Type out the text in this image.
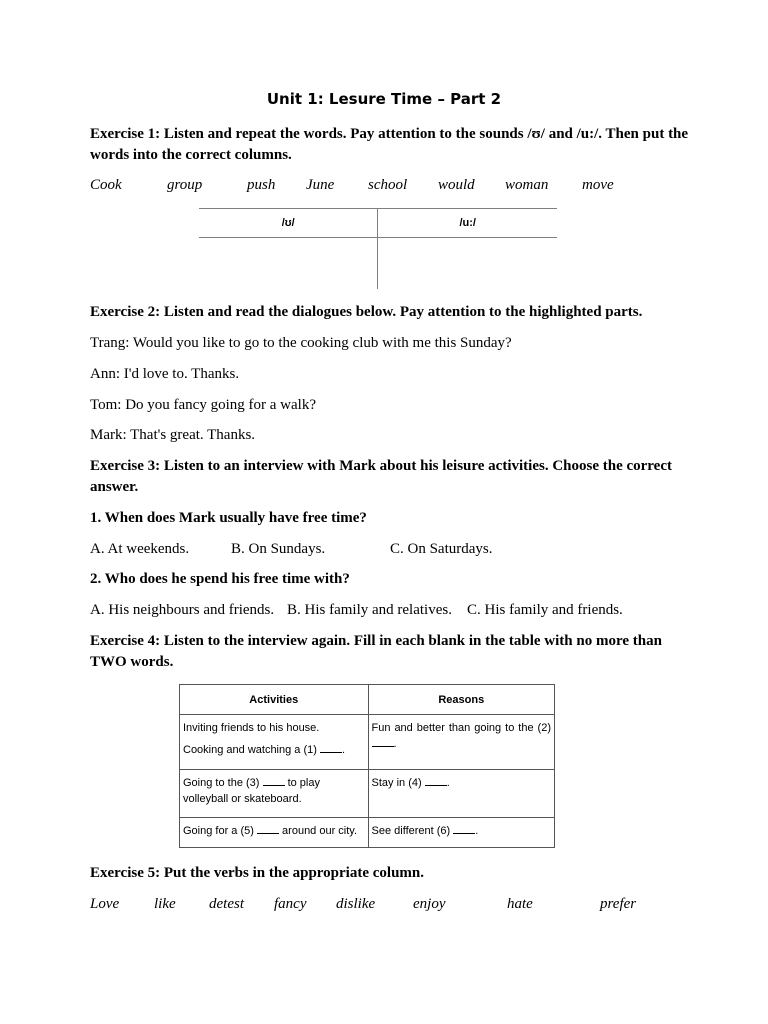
Unit 1: Lesure Time – Part 2
Exercise 1: Listen and repeat the words. Pay attention to the sounds /ʊ/ and /u:/. Then put the words into the correct columns.
Cook	group	push June school would woman move
/ʊ/	/u:/

Exercise 2: Listen and read the dialogues below. Pay attention to the highlighted parts.
Trang: Would you like to go to the cooking club with me this Sunday?
Ann: I'd love to. Thanks.
Tom: Do you fancy going for a walk?
Mark: That's great. Thanks.
Exercise 3: Listen to an interview with Mark about his leisure activities. Choose the correct answer.
1. When does Mark usually have free time?
A. At weekends.	B. On Sundays.	C. On Saturdays.
2. Who does he spend his free time with?
A. His neighbours and friends. B. His family and relatives. C. His family and friends.
Exercise 4: Listen to the interview again. Fill in each blank in the table with no more than TWO words.
Activities	Reasons

Inviting friends to his house.
Cooking and watching a (1) .	Fun and better than going to the (2) .

Going to the (3) to play volleyball or skateboard.	Stay in (4) .

Going for a (5) around our city.	See different (6) .
Exercise 5: Put the verbs in the appropriate column.
Love like detest fancy dislike	enjoy	hate	prefer
